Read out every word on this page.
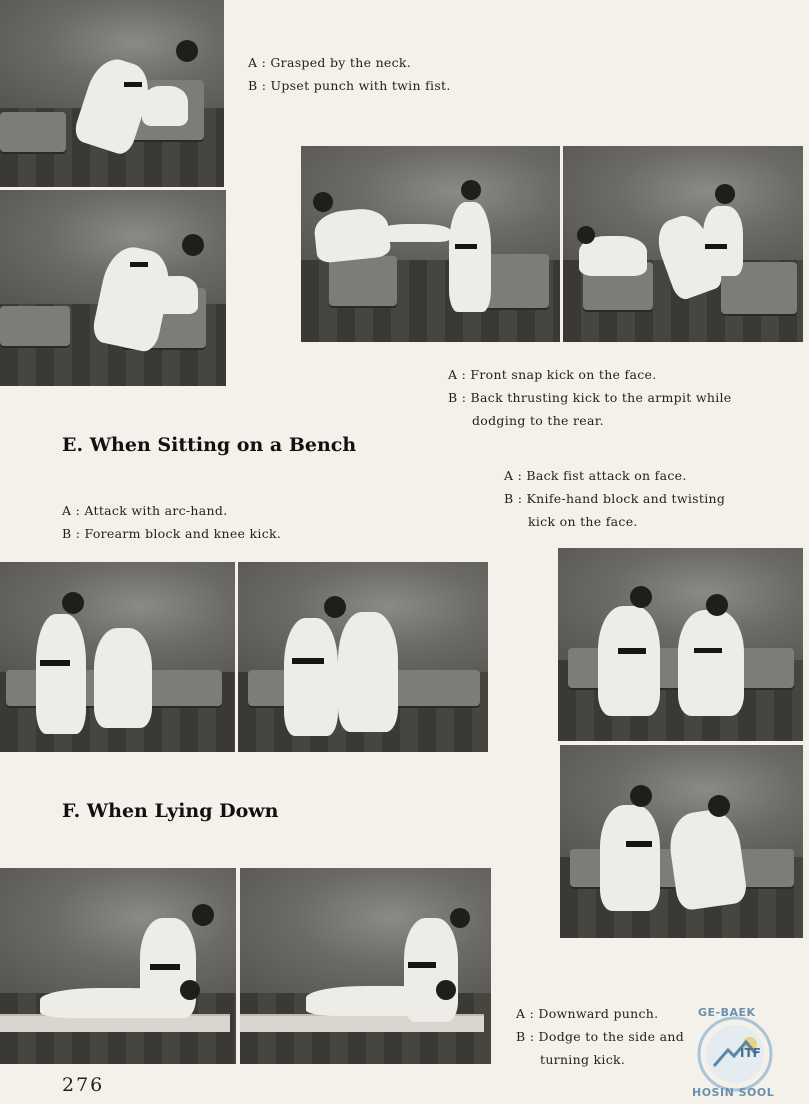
A : Grasped by the neck.
B : Upset punch with twin fist.
A : Front snap kick on the face.
B : Back thrusting kick to the armpit while
dodging to the rear.
E. When Sitting on a Bench
A : Back fist attack on face.
B : Knife-hand block and twisting
kick on the face.
A : Attack with arc-hand.
B : Forearm block and knee kick.
F. When Lying Down
A : Downward punch.
B : Dodge to the side and
turning kick.
276
GE-BAEK
ITF
HOSIN SOOL
